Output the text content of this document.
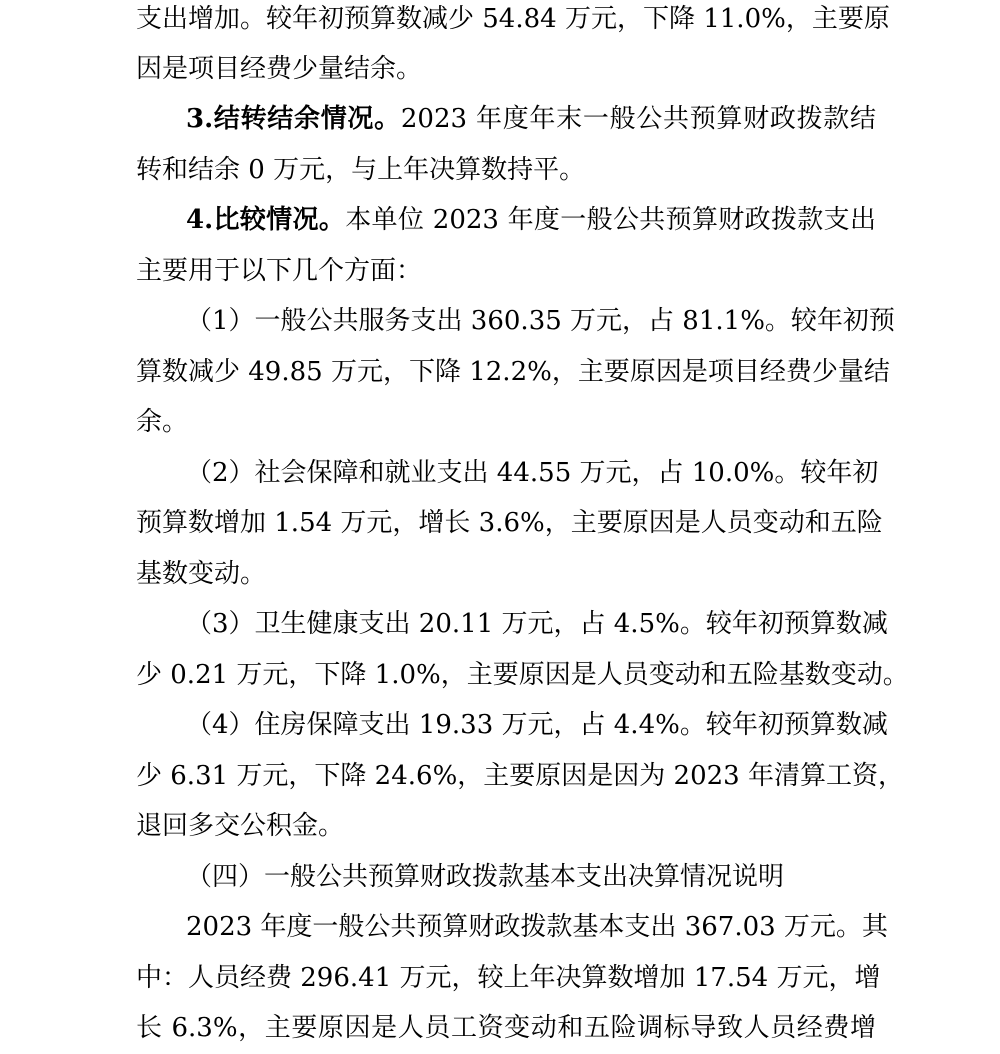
支出增加。较年初预算数减少 54.84 万元，下降 11.0%，主要原
因是项目经费少量结余。
3.结转结余情况。2023 年度年末一般公共预算财政拨款结
转和结余 0 万元，与上年决算数持平。
4.比较情况。本单位 2023 年度一般公共预算财政拨款支出
主要用于以下几个方面：
（1）一般公共服务支出 360.35 万元，占 81.1%。较年初预
算数减少 49.85 万元，下降 12.2%，主要原因是项目经费少量结
余。
（2）社会保障和就业支出 44.55 万元，占 10.0%。较年初
预算数增加 1.54 万元，增长 3.6%，主要原因是人员变动和五险
基数变动。
（3）卫生健康支出 20.11 万元，占 4.5%。较年初预算数减
少 0.21 万元，下降 1.0%，主要原因是人员变动和五险基数变动。
（4）住房保障支出 19.33 万元，占 4.4%。较年初预算数减
少 6.31 万元，下降 24.6%，主要原因是因为 2023 年清算工资，
退回多交公积金。
（四）一般公共预算财政拨款基本支出决算情况说明
2023 年度一般公共预算财政拨款基本支出 367.03 万元。其
中：人员经费 296.41 万元，较上年决算数增加 17.54 万元，增
长 6.3%，主要原因是人员工资变动和五险调标导致人员经费增
